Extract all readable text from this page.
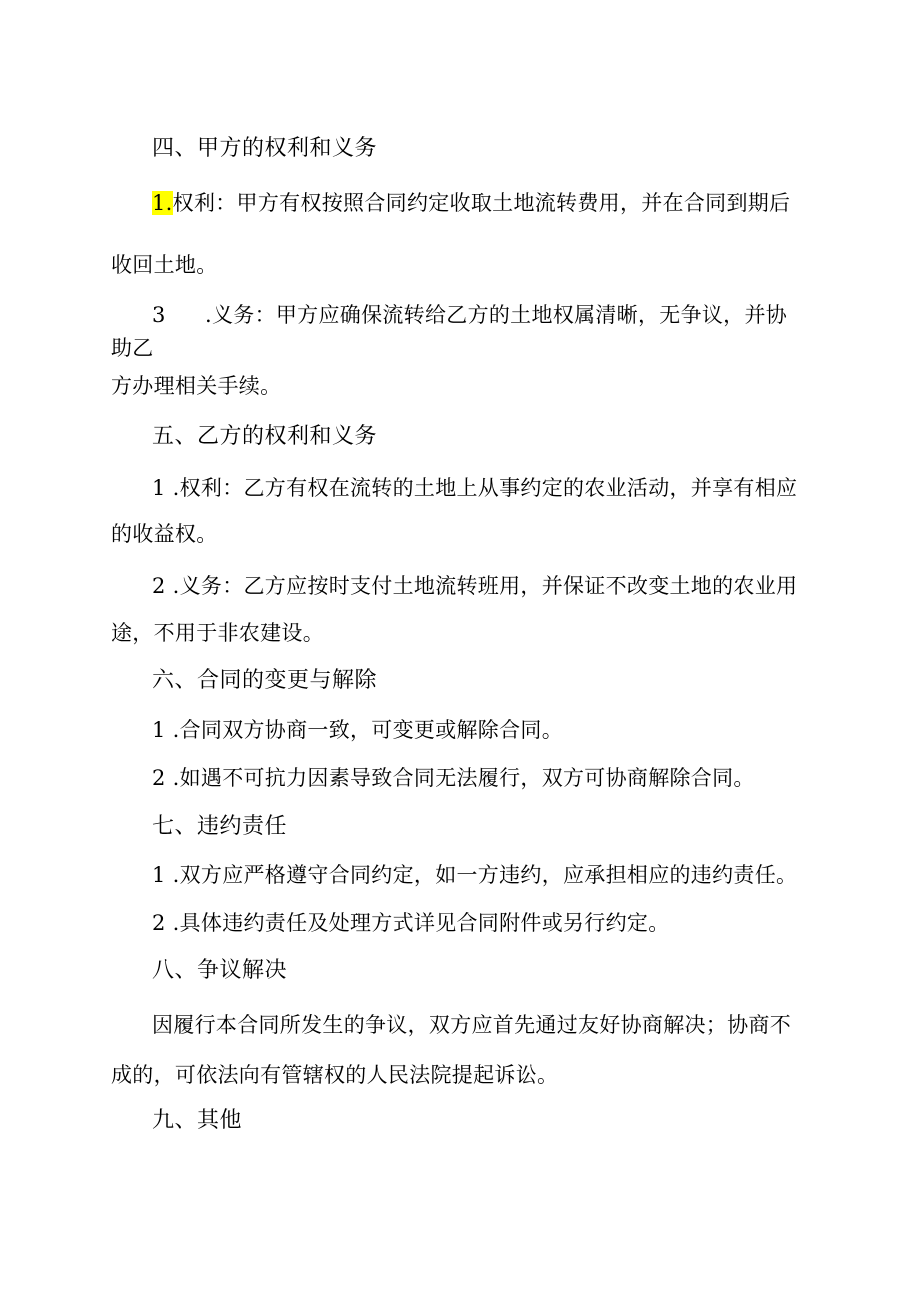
四、甲方的权利和义务
1.权利：甲方有权按照合同约定收取土地流转费用，并在合同到期后
收回土地。
3 .义务：甲方应确保流转给乙方的土地权属清晰，无争议，并协
助乙
方办理相关手续。
五、乙方的权利和义务
1 .权利：乙方有权在流转的土地上从事约定的农业活动，并享有相应
的收益权。
2 .义务：乙方应按时支付土地流转班用，并保证不改变土地的农业用
途，不用于非农建设。
六、合同的变更与解除
1 .合同双方协商一致，可变更或解除合同。
2 .如遇不可抗力因素导致合同无法履行，双方可协商解除合同。
七、违约责任
1 .双方应严格遵守合同约定，如一方违约，应承担相应的违约责任。
2 .具体违约责任及处理方式详见合同附件或另行约定。
八、争议解决
因履行本合同所发生的争议，双方应首先通过友好协商解决；协商不
成的，可依法向有管辖权的人民法院提起诉讼。
九、其他
